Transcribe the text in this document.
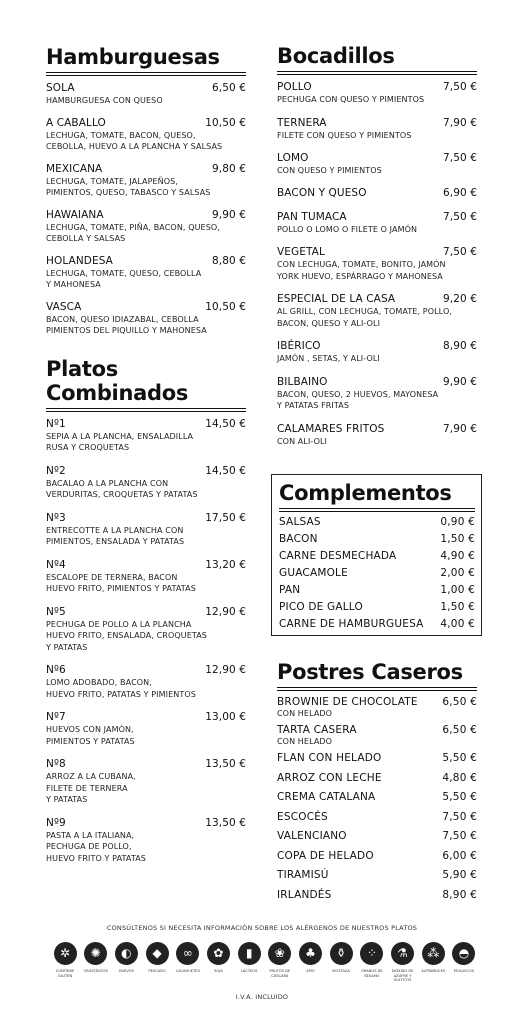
Hamburguesas
SOLA	6,50 €
HAMBURGUESA CON QUESO
A CABALLO	10,50 €
LECHUGA, TOMATE, BACON, QUESO,
CEBOLLA, HUEVO A LA PLANCHA Y SALSAS
MEXICANA	9,80 €
LECHUGA, TOMATE, JALAPEÑOS,
PIMIENTOS, QUESO, TABASCO Y SALSAS
HAWAIANA	9,90 €
LECHUGA, TOMATE, PIÑA, BACON, QUESO,
CEBOLLA Y SALSAS
HOLANDESA	8,80 €
LECHUGA, TOMATE, QUESO, CEBOLLA
Y MAHONESA
VASCA	10,50 €
BACON, QUESO IDIAZABAL, CEBOLLA
PIMIENTOS DEL PIQUILLO Y MAHONESA
Platos
Combinados
Nº1	14,50 €
SEPIA A LA PLANCHA, ENSALADILLA
RUSA Y CROQUETAS
Nº2	14,50 €
BACALAO A LA PLANCHA CON
VERDURITAS, CROQUETAS Y PATATAS
Nº3	17,50 €
ENTRECOTTE A LA PLANCHA CON
PIMIENTOS, ENSALADA Y PATATAS
Nº4	13,20 €
ESCALOPE DE TERNERA, BACON
HUEVO FRITO, PIMIENTOS Y PATATAS
Nº5	12,90 €
PECHUGA DE POLLO A LA PLANCHA
HUEVO FRITO, ENSALADA, CROQUETAS
Y PATATAS
Nº6	12,90 €
LOMO ADOBADO, BACON,
HUEVO FRITO, PATATAS Y PIMIENTOS
Nº7	13,00 €
HUEVOS CON JAMÓN,
PIMIENTOS Y PATATAS
Nº8	13,50 €
ARROZ A LA CUBANA,
FILETE DE TERNERA
Y PATATAS
Nº9	13,50 €
PASTA A LA ITALIANA,
PECHUGA DE POLLO,
HUEVO FRITO Y PATATAS
Bocadillos
POLLO	7,50 €
PECHUGA CON QUESO Y PIMIENTOS
TERNERA	7,90 €
FILETE CON QUESO Y PIMIENTOS
LOMO	7,50 €
CON QUESO Y PIMIENTOS
BACON Y QUESO	6,90 €
PAN TUMACA	7,50 €
POLLO O LOMO O FILETE O JAMÓN
VEGETAL	7,50 €
CON LECHUGA, TOMATE, BONITO, JAMÓN
YORK HUEVO, ESPÁRRAGO Y MAHONESA
ESPECIAL DE LA CASA	9,20 €
AL GRILL, CON LECHUGA, TOMATE, POLLO,
BACON, QUESO Y ALI-OLI
IBÉRICO	8,90 €
JAMÓN , SETAS, Y ALI-OLI
BILBAINO	9,90 €
BACON, QUESO, 2 HUEVOS, MAYONESA
Y PATATAS FRITAS
CALAMARES FRITOS	7,90 €
CON ALI-OLI
Complementos
SALSAS	0,90 €
BACON	1,50 €
CARNE DESMECHADA	4,90 €
GUACAMOLE	2,00 €
PAN	1,00 €
PICO DE GALLO	1,50 €
CARNE DE HAMBURGUESA 4,00 €
Postres Caseros
BROWNIE DE CHOCOLATE 6,50 €
CON HELADO
TARTA CASERA	6,50 €
CON HELADO
FLAN CON HELADO	5,50 €
ARROZ CON LECHE	4,80 €
CREMA CATALANA	5,50 €
ESCOCÉS	7,50 €
VALENCIANO	7,50 €
COPA DE HELADO	6,00 €
TIRAMISÚ	5,90 €
IRLANDÉS	8,90 €
CONSÚLTENOS SI NECESITA INFORMACIÓN SOBRE LOS ALÉRGENOS DE NUESTROS PLATOS
✲
CONTIENE GLUTEN
✺
CRUSTÁCEOS
◐
HUEVOS
◆
PESCADO
∞
CACAHUETES
✿
SOJA
▮
LÁCTEOS
❀
FRUTOS DE CÁSCARA
♣
APIO
⚱
MOSTAZA
⁘
GRANOS DE SÉSAMO
⚗
DIÓXIDO DE AZUFRE Y SULFITOS
⁂
ALTRAMUCES
◓
MOLUSCOS
I.V.A. INCLUIDO
